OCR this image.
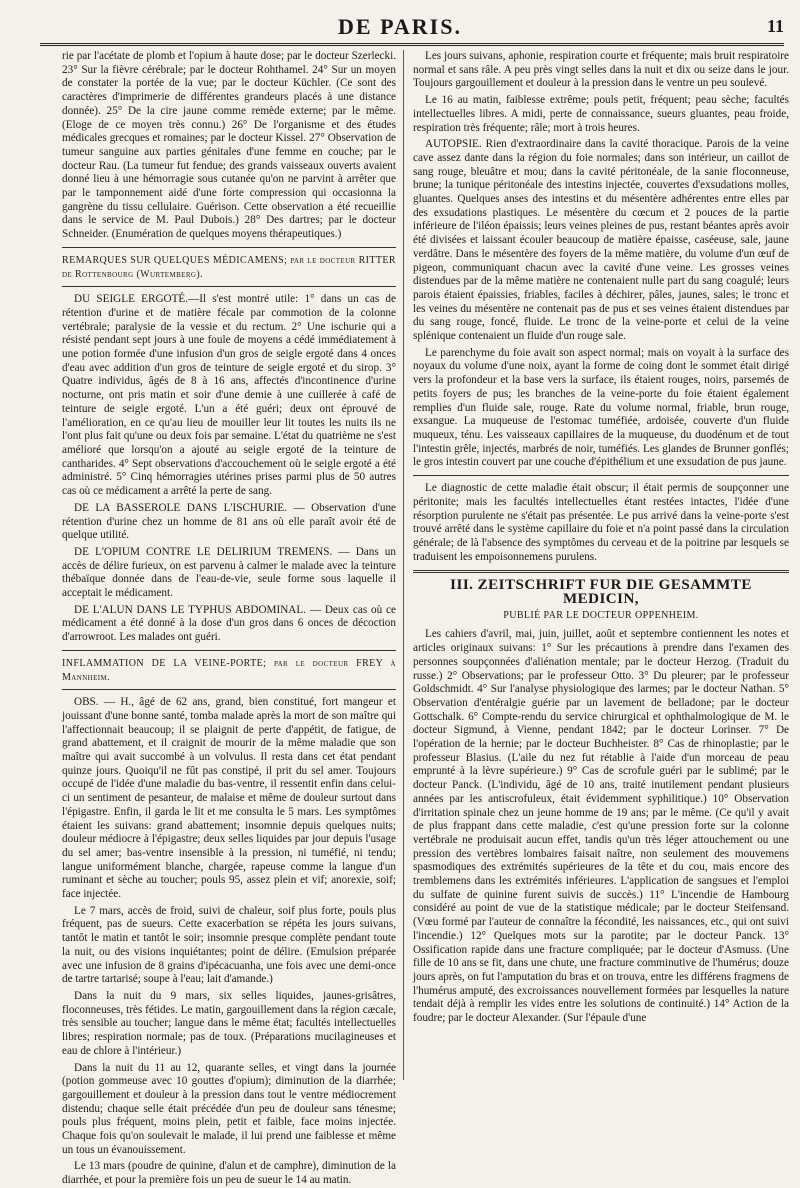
DE PARIS.	11

rie par l'acétate de plomb et l'opium à haute dose; par le docteur Szerlecki. 23° Sur la fièvre cérébrale; par le docteur Rohthamel. 24° Sur un moyen de constater la portée de la vue; par le docteur Küchler. (Ce sont des caractères d'imprimerie de différentes grandeurs placés à une distance donnée). 25° De la cire jaune comme remède externe; par le même. (Eloge de ce moyen très connu.) 26° De l'organisme et des études médicales grecques et romaines; par le docteur Kissel. 27° Observation de tumeur sanguine aux parties génitales d'une femme en couche; par le docteur Rau. (La tumeur fut fendue; des grands vaisseaux ouverts avaient donné lieu à une hémorragie sous cutanée qu'on ne parvint à arrêter que par le tamponnement aidé d'une forte compression qui occasionna la gangrène du tissu cellulaire. Guérison. Cette observation a été recueillie dans le service de M. Paul Dubois.) 28° Des dartres; par le docteur Schneider. (Enumération de quelques moyens thérapeutiques.)

REMARQUES SUR QUELQUES MÉDICAMENS; par le docteur RITTER de Rottenbourg (Wurtemberg).

DU SEIGLE ERGOTÉ.—Il s'est montré utile: 1° dans un cas de rétention d'urine et de matière fécale par commotion de la colonne vertébrale; paralysie de la vessie et du rectum. 2° Une ischurie qui a résisté pendant sept jours à une foule de moyens a cédé immédiatement à une potion formée d'une infusion d'un gros de seigle ergoté dans 4 onces d'eau avec addition d'un gros de teinture de seigle ergoté et du sirop. 3° Quatre individus, âgés de 8 à 16 ans, affectés d'incontinence d'urine nocturne, ont pris matin et soir d'une demie à une cuillerée à café de teinture de seigle ergoté. L'un a été guéri; deux ont éprouvé de l'amélioration, en ce qu'au lieu de mouiller leur lit toutes les nuits ils ne l'ont plus fait qu'une ou deux fois par semaine. L'état du quatrième ne s'est amélioré que lorsqu'on a ajouté au seigle ergoté de la teinture de cantharides. 4° Sept observations d'accouchement où le seigle ergoté a été administré. 5° Cinq hémorragies utérines prises parmi plus de 50 autres cas où ce médicament a arrêté la perte de sang.

DE LA BASSEROLE DANS L'ISCHURIE. — Observation d'une rétention d'urine chez un homme de 81 ans où elle paraît avoir été de quelque utilité.

DE L'OPIUM CONTRE LE DELIRIUM TREMENS. — Dans un accès de délire furieux, on est parvenu à calmer le malade avec la teinture thébaïque donnée dans de l'eau-de-vie, seule forme sous laquelle il acceptait le médicament.

DE L'ALUN DANS LE TYPHUS ABDOMINAL. — Deux cas où ce médicament a été donné à la dose d'un gros dans 6 onces de décoction d'arrowroot. Les malades ont guéri.

INFLAMMATION DE LA VEINE-PORTE; par le docteur FREY à Mannheim.

OBS. — H., âgé de 62 ans, grand, bien constitué, fort mangeur et jouissant d'une bonne santé, tomba malade après la mort de son maître qui l'affectionnait beaucoup; il se plaignit de perte d'appétit, de fatigue, de grand abattement, et il craignit de mourir de la même maladie que son maître qui avait succombé à un volvulus. Il resta dans cet état pendant quinze jours. Quoiqu'il ne fût pas constipé, il prit du sel amer. Toujours occupé de l'idée d'une maladie du bas-ventre, il ressentit enfin dans celui-ci un sentiment de pesanteur, de malaise et même de douleur surtout dans l'épigastre. Enfin, il garda le lit et me consulta le 5 mars. Les symptômes étaient les suivans: grand abattement; insomnie depuis quelques nuits; douleur médiocre à l'épigastre; deux selles liquides par jour depuis l'usage du sel amer; bas-ventre insensible à la pression, ni tuméfié, ni tendu; langue uniformément blanche, chargée, rapeuse comme la langue d'un ruminant et sèche au toucher; pouls 95, assez plein et vif; anorexie, soif; face injectée.

Le 7 mars, accès de froid, suivi de chaleur, soif plus forte, pouls plus fréquent, pas de sueurs. Cette exacerbation se répéta les jours suivans, tantôt le matin et tantôt le soir; insomnie presque complète pendant toute la nuit, ou des visions inquiétantes; point de délire. (Emulsion préparée avec une infusion de 8 grains d'ipécacuanha, une fois avec une demi-once de tartre tartarisé; soupe à l'eau; lait d'amande.)

Dans la nuit du 9 mars, six selles liquides, jaunes-grisâtres, floconneuses, très fétides. Le matin, gargouillement dans la région cæcale, très sensible au toucher; langue dans le même état; facultés intellectuelles libres; respiration normale; pas de toux. (Préparations mucilagineuses et eau de chlore à l'intérieur.)

Dans la nuit du 11 au 12, quarante selles, et vingt dans la journée (potion gommeuse avec 10 gouttes d'opium); diminution de la diarrhée; gargouillement et douleur à la pression dans tout le ventre médiocrement distendu; chaque selle était précédée d'un peu de douleur sans ténesme; pouls plus fréquent, moins plein, petit et faible, face moins injectée. Chaque fois qu'on soulevait le malade, il lui prend une faiblesse et même un tous un évanouissement.

Le 13 mars (poudre de quinine, d'alun et de camphre), diminution de la diarrhée, et pour la première fois un peu de sueur le 14 au matin.

Les jours suivans, aphonie, respiration courte et fréquente; mais bruit respiratoire normal et sans râle. A peu près vingt selles dans la nuit et dix ou seize dans le jour. Toujours gargouillement et douleur à la pression dans le ventre un peu soulevé.

Le 16 au matin, faiblesse extrême; pouls petit, fréquent; peau sèche; facultés intellectuelles libres. A midi, perte de connaissance, sueurs gluantes, peau froide, respiration très fréquente; râle; mort à trois heures.

AUTOPSIE. Rien d'extraordinaire dans la cavité thoracique. Parois de la veine cave assez dante dans la région du foie normales; dans son intérieur, un caillot de sang rouge, bleuâtre et mou; dans la cavité péritonéale, de la sanie floconneuse, brune; la tunique péritonéale des intestins injectée, couvertes d'exsudations molles, gluantes. Quelques anses des intestins et du mésentère adhérentes entre elles par des exsudations plastiques. Le mésentère du cœcum et 2 pouces de la partie inférieure de l'iléon épaissis; leurs veines pleines de pus, restant béantes après avoir été divisées et laissant écouler beaucoup de matière épaisse, caséeuse, sale, jaune verdâtre. Dans le mésentère des foyers de la même matière, du volume d'un œuf de pigeon, communiquant chacun avec la cavité d'une veine. Les grosses veines distendues par de la même matière ne contenaient nulle part du sang coagulé; leurs parois étaient épaissies, friables, faciles à déchirer, pâles, jaunes, sales; le tronc et les veines du mésentère ne contenait pas de pus et ses veines étaient distendues par du sang rouge, foncé, fluide. Le tronc de la veine-porte et celui de la veine splénique contenaient un fluide d'un rouge sale.

Le parenchyme du foie avait son aspect normal; mais on voyait à la surface des noyaux du volume d'une noix, ayant la forme de coing dont le sommet était dirigé vers la profondeur et la base vers la surface, ils étaient rouges, noirs, parsemés de petits foyers de pus; les branches de la veine-porte du foie étaient également remplies d'un fluide sale, rouge. Rate du volume normal, friable, brun rouge, exsangue. La muqueuse de l'estomac tuméfiée, ardoisée, couverte d'un fluide muqueux, ténu. Les vaisseaux capillaires de la muqueuse, du duodénum et de tout l'intestin grêle, injectés, marbrés de noir, tuméfiés. Les glandes de Brunner gonflés; le gros intestin couvert par une couche d'épithélium et une exsudation de pus jaune.

Le diagnostic de cette maladie était obscur; il était permis de soupçonner une péritonite; mais les facultés intellectuelles étant restées intactes, l'idée d'une résorption purulente ne s'était pas présentée. Le pus arrivé dans la veine-porte s'est trouvé arrêté dans le système capillaire du foie et n'a point passé dans la circulation générale; de là l'absence des symptômes du cerveau et de la poitrine par lesquels se traduisent les empoisonnemens purulens.

III. ZEITSCHRIFT FUR DIE GESAMMTE MEDICIN,
PUBLIÉ PAR LE DOCTEUR OPPENHEIM.

Les cahiers d'avril, mai, juin, juillet, août et septembre contiennent les notes et articles originaux suivans: 1° Sur les précautions à prendre dans l'examen des personnes soupçonnées d'aliénation mentale; par le docteur Herzog. (Traduit du russe.) 2° Observations; par le professeur Otto. 3° Du pleurer; par le professeur Goldschmidt. 4° Sur l'analyse physiologique des larmes; par le docteur Nathan. 5° Observation d'entéralgie guérie par un lavement de belladone; par le docteur Gottschalk. 6° Compte-rendu du service chirurgical et ophthalmologique de M. le docteur Sigmund, à Vienne, pendant 1842; par le docteur Lorinser. 7° De l'opération de la hernie; par le docteur Buchheister. 8° Cas de rhinoplastie; par le professeur Blasius. (L'aile du nez fut rétablie à l'aide d'un morceau de peau emprunté à la lèvre supérieure.) 9° Cas de scrofule guéri par le sublimé; par le docteur Panck. (L'individu, âgé de 10 ans, traité inutilement pendant plusieurs années par les antiscrofuleux, était évidemment syphilitique.) 10° Observation d'irritation spinale chez un jeune homme de 19 ans; par le même. (Ce qu'il y avait de plus frappant dans cette maladie, c'est qu'une pression forte sur la colonne vertébrale ne produisait aucun effet, tandis qu'un très léger attouchement ou une pression des vertèbres lombaires faisait naître, non seulement des mouvemens spasmodiques des extrémités supérieures de la tête et du cou, mais encore des tremblemens dans les extrémités inférieures. L'application de sangsues et l'emploi du sulfate de quinine furent suivis de succès.) 11° L'incendie de Hambourg considéré au point de vue de la statistique médicale; par le docteur Steifensand. (Vœu formé par l'auteur de connaître la fécondité, les naissances, etc., qui ont suivi l'incendie.) 12° Quelques mots sur la parotite; par le docteur Panck. 13° Ossification rapide dans une fracture compliquée; par le docteur d'Asmuss. (Une fille de 10 ans se fit, dans une chute, une fracture comminutive de l'humérus; douze jours après, on fut l'amputation du bras et on trouva, entre les différens fragmens de l'humérus amputé, des excroissances nouvellement formées par lesquelles la nature tendait déjà à remplir les vides entre les solutions de continuité.) 14° Action de la foudre; par le docteur Alexander. (Sur l'épaule d'une
